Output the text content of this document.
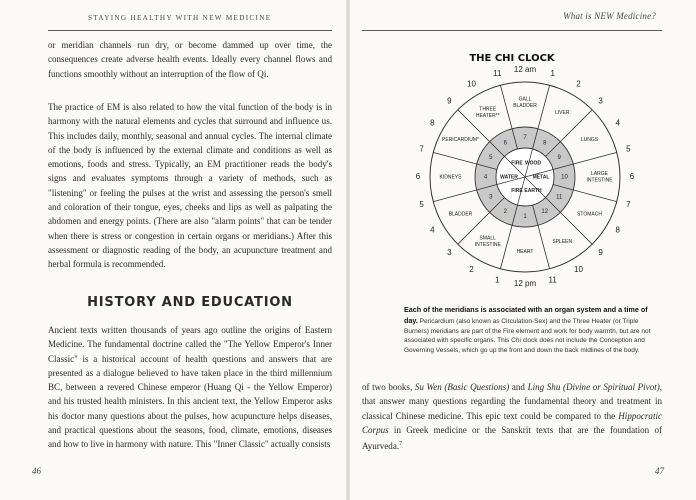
STAYING HEALTHY WITH NEW MEDICINE

or meridian channels run dry, or become dammed up over time, the consequences create adverse health events. Ideally every channel flows and functions smoothly without an interruption of the flow of Qi.

The practice of EM is also related to how the vital function of the body is in harmony with the natural elements and cycles that surround and influence us. This includes daily, monthly, seasonal and annual cycles. The internal climate of the body is influenced by the external climate and conditions as well as emotions, foods and stress. Typically, an EM practitioner reads the body's signs and evaluates symptoms through a variety of methods, such as "listening" or feeling the pulses at the wrist and assessing the person's smell and coloration of their tongue, eyes, cheeks and lips as well as palpating the abdomen and energy points. (There are also "alarm points" that can be tender when there is stress or congestion in certain organs or meridians.) After this assessment or diagnostic reading of the body, an acupuncture treatment and herbal formula is recommended.

HISTORY AND EDUCATION

Ancient texts written thousands of years ago outline the origins of Eastern Medicine. The fundamental doctrine called the "The Yellow Emperor's Inner Classic" is a historical account of health questions and answers that are presented as a dialogue believed to have taken place in the third millennium BC, between a revered Chinese emperor (Huang Qi - the Yellow Emperor) and his trusted health ministers. In this ancient text, the Yellow Emperor asks his doctor many questions about the pulses, how acupuncture helps diseases, and practical questions about the seasons, food, climate, emotions, diseases and how to live in harmony with nature. This "Inner Classic" actually consists

46
What is NEW Medicine?
THE CHI CLOCK
12 am 1
2
3
4
5
6
7
8
9
10
11
12 pm
1
2
3
4
5
6
7
8
9
10
11
GALL
BLADDER
LIVER
LUNGS
LARGE
INTESTINE
STOMACH
SPLEEN
HEART
SMALL
INTESTINE
BLADDER
KIDNEYS
PERICARDIUM*
THREE
HEATER**
7
8
9
10
11
12
1
2
3
4
5
6
WOOD
METAL
EARTH
FIRE
WATER
FIRE

Each of the meridians is associated with an organ system and a time of day. Pericardium (also known as Circulation-Sex) and the Three Heater (or Triple Burners) meridians are part of the Fire element and work for body warmth, but are not associated with specific organs. This Chi clock does not include the Conception and Governing Vessels, which go up the front and down the back midlines of the body.

of two books, Su Wen (Basic Questions) and Ling Shu (Divine or Spiritual Pivot), that answer many questions regarding the fundamental theory and treatment in classical Chinese medicine. This epic text could be compared to the Hippocratic Corpus in Greek medicine or the Sanskrit texts that are the foundation of Ayurveda.$^7$

47
